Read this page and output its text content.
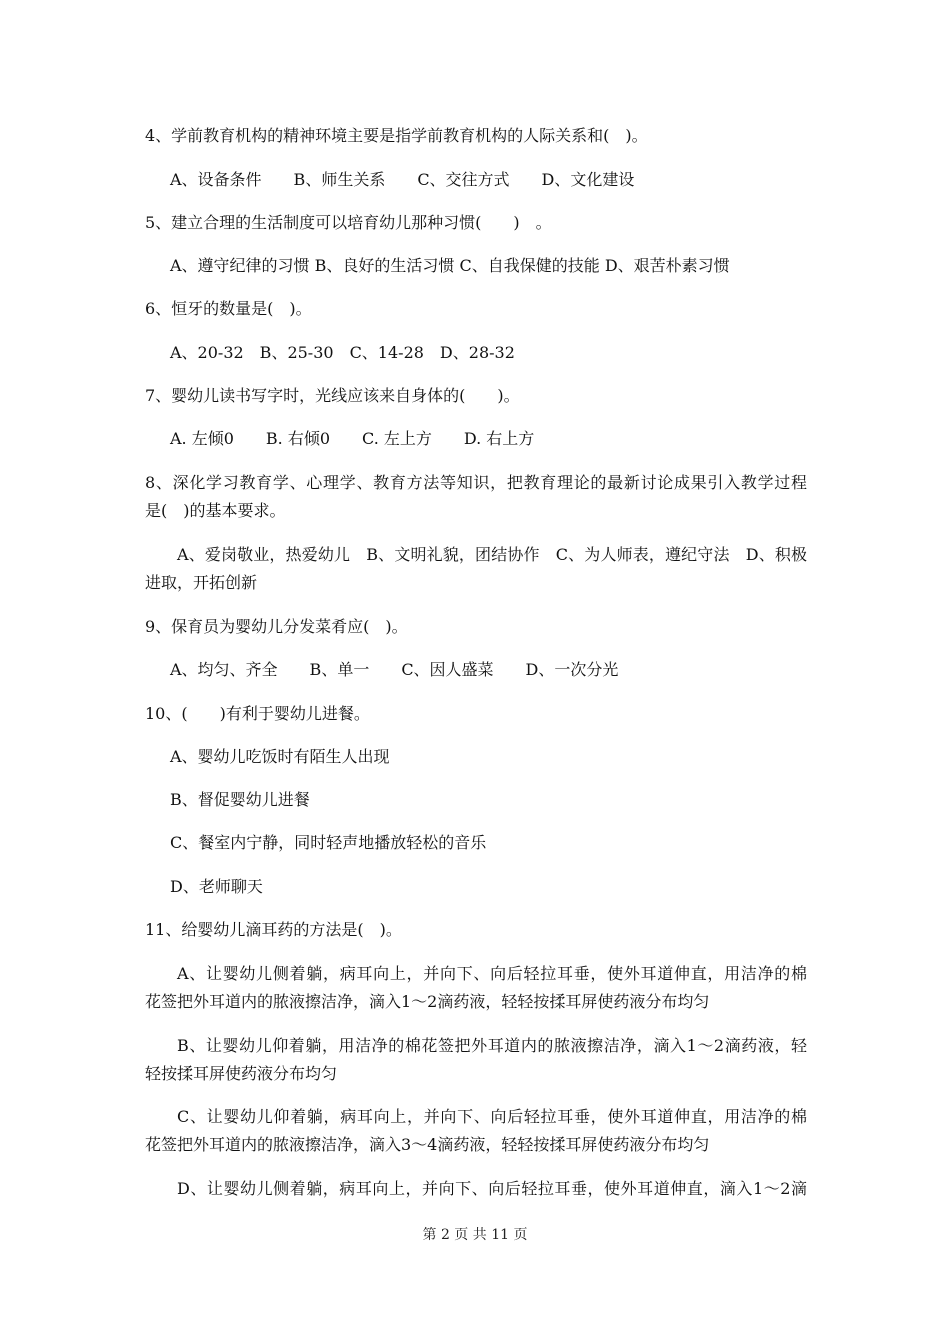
4、学前教育机构的精神环境主要是指学前教育机构的人际关系和(　)。
A、设备条件　　B、师生关系　　C、交往方式　　D、文化建设
5、建立合理的生活制度可以培育幼儿那种习惯(　　)　。
A、遵守纪律的习惯 B、良好的生活习惯 C、自我保健的技能 D、艰苦朴素习惯
6、恒牙的数量是(　)。
A、20-32　B、25-30　C、14-28　D、28-32
7、婴幼儿读书写字时，光线应该来自身体的(　　)。
A. 左倾0　　B. 右倾0　　C. 左上方　　D. 右上方
8、深化学习教育学、心理学、教育方法等知识，把教育理论的最新讨论成果引入教学过程
是(　)的基本要求。
A、爱岗敬业，热爱幼儿　B、文明礼貌，团结协作　C、为人师表，遵纪守法　D、积极
进取，开拓创新
9、保育员为婴幼儿分发菜肴应(　)。
A、均匀、齐全　　B、单一　　C、因人盛菜　　D、一次分光
10、(　　)有利于婴幼儿进餐。
A、婴幼儿吃饭时有陌生人出现
B、督促婴幼儿进餐
C、餐室内宁静，同时轻声地播放轻松的音乐
D、老师聊天
11、给婴幼儿滴耳药的方法是(　)。
A、让婴幼儿侧着躺，病耳向上，并向下、向后轻拉耳垂，使外耳道伸直，用洁净的棉
花签把外耳道内的脓液擦洁净，滴入1～2滴药液，轻轻按揉耳屏使药液分布均匀
B、让婴幼儿仰着躺，用洁净的棉花签把外耳道内的脓液擦洁净，滴入1～2滴药液，轻
轻按揉耳屏使药液分布均匀
C、让婴幼儿仰着躺，病耳向上，并向下、向后轻拉耳垂，使外耳道伸直，用洁净的棉
花签把外耳道内的脓液擦洁净，滴入3～4滴药液，轻轻按揉耳屏使药液分布均匀
D、让婴幼儿侧着躺，病耳向上，并向下、向后轻拉耳垂，使外耳道伸直，滴入1～2滴
第 2 页 共 11 页
